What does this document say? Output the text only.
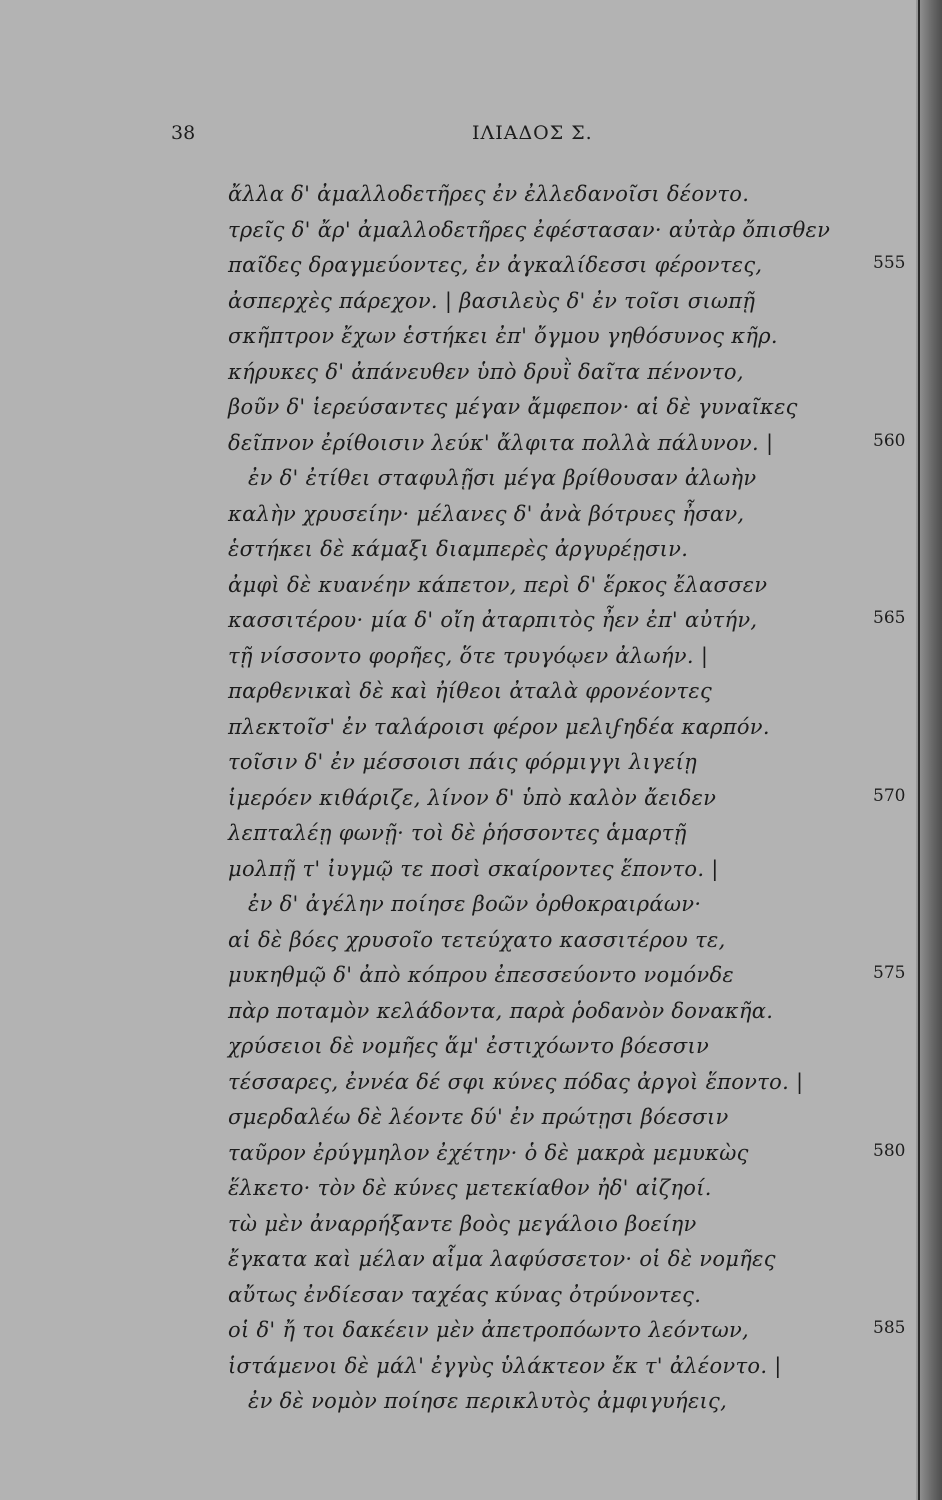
38	ΙΛΙΑΔΟΣ Σ.
ἄλλα δ' ἀμαλλοδετῆρες ἐν ἐλλεδανοῖσι δέοντο.
τρεῖς δ' ἄρ' ἀμαλλοδετῆρες ἐφέστασαν· αὐτὰρ ὄπισθεν
παῖδες δραγμεύοντες, ἐν ἀγκαλίδεσσι φέροντες,	555
ἀσπερχὲς πάρεχον. | βασιλεὺς δ' ἐν τοῖσι σιωπῇ
σκῆπτρον ἔχων ἑστήκει ἐπ' ὄγμου γηθόσυνος κῆρ.
κήρυκες δ' ἀπάνευθεν ὑπὸ δρυῒ δαῖτα πένοντο,
βοῦν δ' ἱερεύσαντες μέγαν ἄμφεπον· αἱ δὲ γυναῖκες
δεῖπνον ἐρίθοισιν λεύκ' ἄλφιτα πολλὰ πάλυνον. |	560
ἐν δ' ἐτίθει σταφυλῇσι μέγα βρίθουσαν ἀλωὴν
καλὴν χρυσείην· μέλανες δ' ἀνὰ βότρυες ἦσαν,
ἑστήκει δὲ κάμαξι διαμπερὲς ἀργυρέῃσιν.
ἀμφὶ δὲ κυανέην κάπετον, περὶ δ' ἕρκος ἔλασσεν
κασσιτέρου· μία δ' οἴη ἀταρπιτὸς ἦεν ἐπ' αὐτήν,	565
τῇ νίσσοντο φορῆες, ὅτε τρυγόῳεν ἀλωήν. |
παρθενικαὶ δὲ καὶ ἠίθεοι ἀταλὰ φρονέοντες
πλεκτοῖσ' ἐν ταλάροισι φέρον μελιϝηδέα καρπόν.
τοῖσιν δ' ἐν μέσσοισι πάις φόρμιγγι λιγείῃ
ἱμερόεν κιθάριζε, λίνον δ' ὑπὸ καλὸν ἄειδεν	570
λεπταλέῃ φωνῇ· τοὶ δὲ ῥήσσοντες ἁμαρτῇ
μολπῇ τ' ἰυγμῷ τε ποσὶ σκαίροντες ἕποντο. |
ἐν δ' ἀγέλην ποίησε βοῶν ὀρθοκραιράων·
αἱ δὲ βόες χρυσοῖο τετεύχατο κασσιτέρου τε,
μυκηθμῷ δ' ἀπὸ κόπρου ἐπεσσεύοντο νομόνδε	575
πὰρ ποταμὸν κελάδοντα, παρὰ ῥοδανὸν δονακῆα.
χρύσειοι δὲ νομῆες ἅμ' ἐστιχόωντο βόεσσιν
τέσσαρες, ἐννέα δέ σφι κύνες πόδας ἀργοὶ ἕποντο. |
σμερδαλέω δὲ λέοντε δύ' ἐν πρώτῃσι βόεσσιν
ταῦρον ἐρύγμηλον ἐχέτην· ὁ δὲ μακρὰ μεμυκὼς	580
ἕλκετο· τὸν δὲ κύνες μετεκίαθον ἠδ' αἰζηοί.
τὼ μὲν ἀναρρήξαντε βοὸς μεγάλοιο βοείην
ἔγκατα καὶ μέλαν αἷμα λαφύσσετον· οἱ δὲ νομῆες
αὔτως ἐνδίεσαν ταχέας κύνας ὀτρύνοντες.
οἱ δ' ἤ τοι δακέειν μὲν ἀπετροπόωντο λεόντων,	585
ἱστάμενοι δὲ μάλ' ἐγγὺς ὑλάκτεον ἔκ τ' ἀλέοντο. |
ἐν δὲ νομὸν ποίησε περικλυτὸς ἀμφιγυήεις,
